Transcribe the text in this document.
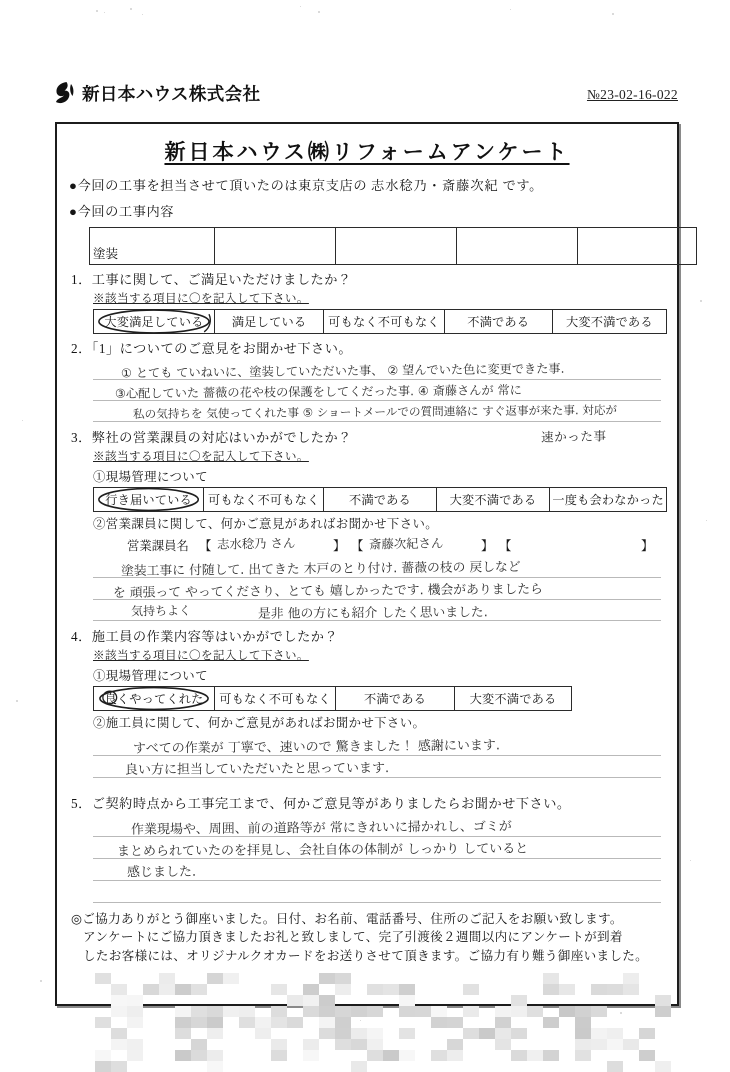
新日本ハウス株式会社	№23-02-16-022
新日本ハウス㈱リフォームアンケート
●今回の工事を担当させて頂いたのは東京支店の 志水稔乃・斎藤次紀 です。
●今回の工事内容
塗装				
1．工事に関して、ご満足いただけましたか？
※該当する項目に〇を記入して下さい。
大変満足している	満足している	可もなく不可もなく	不満である	大変不満である
2．「1」についてのご意見をお聞かせ下さい。
① とても ていねいに、塗装していただいた事、 ② 望んでいた色に変更できた事.
③心配していた 薔薇の花や枝の保護をしてくだった事. ④ 斎藤さんが 常に
私の気持ちを 気使ってくれた事 ⑤ ショートメールでの質問連絡に すぐ返事が来た事. 対応が
3．弊社の営業課員の対応はいかがでしたか？	速かった事
※該当する項目に〇を記入して下さい。
①現場管理について
行き届いている	可もなく不可もなく	不満である	大変不満である	一度も会わなかった
②営業課員に関して、何かご意見があればお聞かせ下さい。
営業課員名 【 志水稔乃 さん	】 【 斎藤次紀さん	】 【	】
塗装工事に 付随して. 出てきた 木戸のとり付け. 薔薇の枝の 戻しなど
を 頑張って やってくださり、とても 嬉しかったです. 機会がありましたら
是非 他の方にも紹介 したく思いました.
気持ちよく
4．施工員の作業内容等はいかがでしたか？
※該当する項目に〇を記入して下さい。
①現場管理について
良くやってくれた	可もなく不可もなく	不満である	大変不満である
②施工員に関して、何かご意見があればお聞かせ下さい。
すべての作業が 丁寧で、速いので 驚きました！ 感謝にいます.
良い方に担当していただいたと思っています.
5．ご契約時点から工事完工まで、何かご意見等がありましたらお聞かせ下さい。
作業現場や、周囲、前の道路等が 常にきれいに掃かれし、ゴミが
まとめられていたのを拝見し、会社自体の体制が しっかり していると
感じました.
◎ご協力ありがとう御座いました。日付、お名前、電話番号、住所のご記入をお願い致します。
アンケートにご協力頂きましたお礼と致しまして、完了引渡後２週間以内にアンケートが到着
したお客様には、オリジナルクオカードをお送りさせて頂きます。ご協力有り難う御座いました。
